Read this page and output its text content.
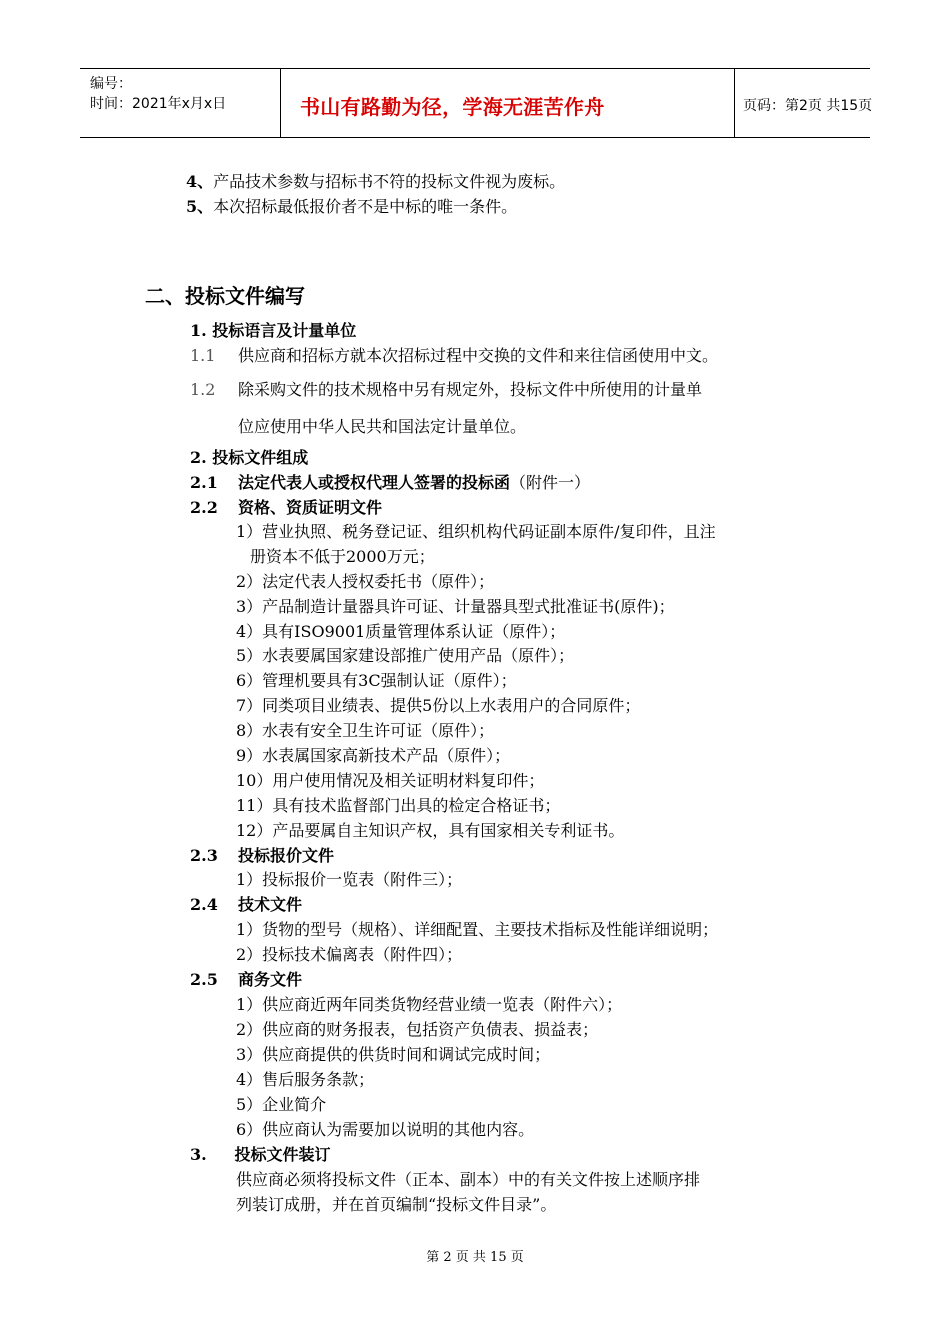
编号：
时间：2021年x月x日	书山有路勤为径，学海无涯苦作舟	页码：第2页 共15页
4、产品技术参数与招标书不符的投标文件视为废标。
5、本次招标最低报价者不是中标的唯一条件。
二、投标文件编写
1. 投标语言及计量单位
1.1 供应商和招标方就本次招标过程中交换的文件和来往信函使用中文。
1.2 除采购文件的技术规格中另有规定外，投标文件中所使用的计量单
位应使用中华人民共和国法定计量单位。
2. 投标文件组成
2.1 法定代表人或授权代理人签署的投标函（附件一）
2.2 资格、资质证明文件
1）营业执照、税务登记证、组织机构代码证副本原件/复印件，且注
册资本不低于2000万元；
2）法定代表人授权委托书（原件）；
3）产品制造计量器具许可证、计量器具型式批准证书(原件)；
4）具有ISO9001质量管理体系认证（原件）；
5）水表要属国家建设部推广使用产品（原件）；
6）管理机要具有3C强制认证（原件）；
7）同类项目业绩表、提供5份以上水表用户的合同原件；
8）水表有安全卫生许可证（原件）；
9）水表属国家高新技术产品（原件）；
10）用户使用情况及相关证明材料复印件；
11）具有技术监督部门出具的检定合格证书；
12）产品要属自主知识产权，具有国家相关专利证书。
2.3 投标报价文件
1）投标报价一览表（附件三）；
2.4 技术文件
1）货物的型号（规格）、详细配置、主要技术指标及性能详细说明；
2）投标技术偏离表（附件四）；
2.5 商务文件
1）供应商近两年同类货物经营业绩一览表（附件六）；
2）供应商的财务报表，包括资产负债表、损益表；
3）供应商提供的供货时间和调试完成时间；
4）售后服务条款；
5）企业简介
6）供应商认为需要加以说明的其他内容。
3.     投标文件装订
供应商必须将投标文件（正本、副本）中的有关文件按上述顺序排
列装订成册，并在首页编制“投标文件目录”。
第 2 页 共 15 页
